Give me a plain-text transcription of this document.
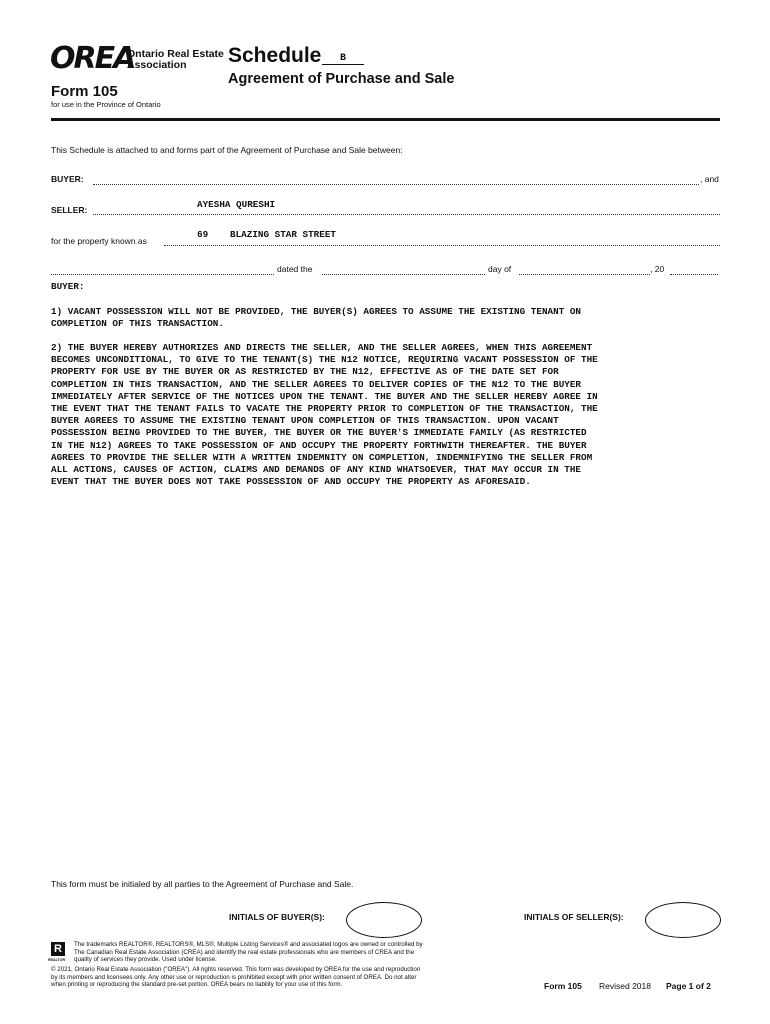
OREA
Ontario Real Estate
Association
Form 105
for use in the Province of Ontario
Schedule	B
Agreement of Purchase and Sale
This Schedule is attached to and forms part of the Agreement of Purchase and Sale between:
BUYER:	, and
SELLER:	AYESHA QURESHI
for the property known as
69 BLAZING STAR STREET
dated the	day of	, 20
BUYER:
1) VACANT POSSESSION WILL NOT BE PROVIDED, THE BUYER(S) AGREES TO ASSUME THE EXISTING TENANT ON
COMPLETION OF THIS TRANSACTION.
2) THE BUYER HEREBY AUTHORIZES AND DIRECTS THE SELLER, AND THE SELLER AGREES, WHEN THIS AGREEMENT
BECOMES UNCONDITIONAL, TO GIVE TO THE TENANT(S) THE N12 NOTICE, REQUIRING VACANT POSSESSION OF THE
PROPERTY FOR USE BY THE BUYER OR AS RESTRICTED BY THE N12, EFFECTIVE AS OF THE DATE SET FOR
COMPLETION IN THIS TRANSACTION, AND THE SELLER AGREES TO DELIVER COPIES OF THE N12 TO THE BUYER
IMMEDIATELY AFTER SERVICE OF THE NOTICES UPON THE TENANT. THE BUYER AND THE SELLER HEREBY AGREE IN
THE EVENT THAT THE TENANT FAILS TO VACATE THE PROPERTY PRIOR TO COMPLETION OF THE TRANSACTION, THE
BUYER AGREES TO ASSUME THE EXISTING TENANT UPON COMPLETION OF THIS TRANSACTION. UPON VACANT
POSSESSION BEING PROVIDED TO THE BUYER, THE BUYER OR THE BUYER'S IMMEDIATE FAMILY (AS RESTRICTED
IN THE N12) AGREES TO TAKE POSSESSION OF AND OCCUPY THE PROPERTY FORTHWITH THEREAFTER. THE BUYER
AGREES TO PROVIDE THE SELLER WITH A WRITTEN INDEMNITY ON COMPLETION, INDEMNIFYING THE SELLER FROM
ALL ACTIONS, CAUSES OF ACTION, CLAIMS AND DEMANDS OF ANY KIND WHATSOEVER, THAT MAY OCCUR IN THE
EVENT THAT THE BUYER DOES NOT TAKE POSSESSION OF AND OCCUPY THE PROPERTY AS AFORESAID.
This form must be initialed by all parties to the Agreement of Purchase and Sale.
INITIALS OF BUYER(S):	INITIALS OF SELLER(S):
R
REALTOR
The trademarks REALTOR®, REALTORS®, MLS®, Multiple Listing Services® and associated logos are owned or controlled by
The Canadian Real Estate Association (CREA) and identify the real estate professionals who are members of CREA and the
quality of services they provide. Used under license.
© 2021, Ontario Real Estate Association ("OREA"). All rights reserved. This form was developed by OREA for the use and reproduction
by its members and licensees only. Any other use or reproduction is prohibited except with prior written consent of OREA. Do not alter
when printing or reproducing the standard pre-set portion. OREA bears no liability for your use of this form.	Form 105 Revised 2018 Page 1 of 2
